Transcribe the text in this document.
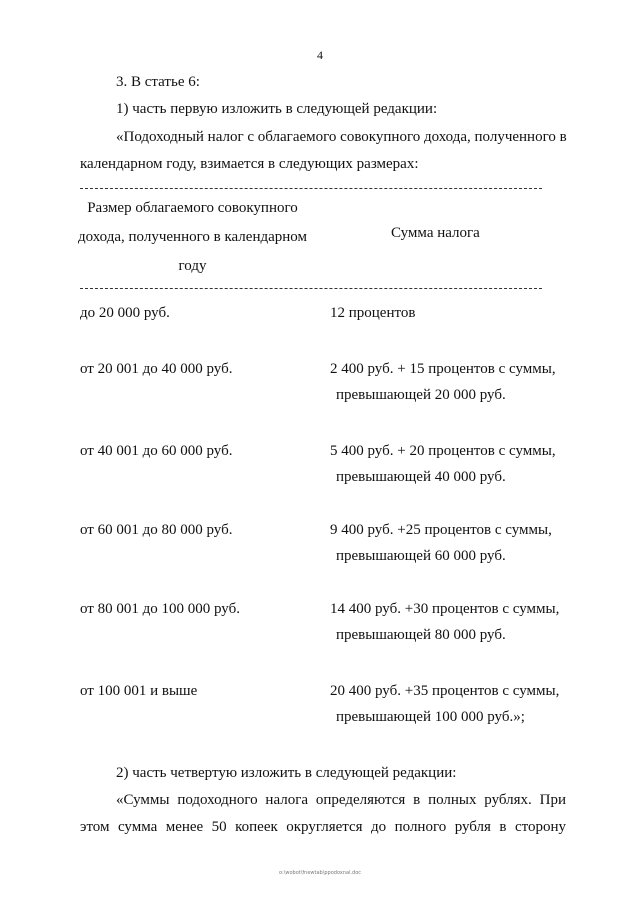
4
3. В статье 6:
1) часть первую изложить в следующей редакции:
«Подоходный налог с облагаемого совокупного дохода, полученного в
календарном году, взимается в следующих размерах:
Размер облагаемого совокупного
дохода, полученного в календарном
году
Сумма налога
до 20 000 руб.	12 процентов
от 20 001 до 40 000 руб.	2 400 руб. + 15 процентов с суммы,
превышающей 20 000 руб.
от 40 001 до 60 000 руб.	5 400 руб. + 20 процентов с суммы,
превышающей 40 000 руб.
от 60 001 до 80 000 руб.	9 400 руб. +25 процентов с суммы,
превышающей 60 000 руб.
от 80 001 до 100 000 руб.	14 400 руб. +30 процентов с суммы,
превышающей 80 000 руб.
от 100 001 и выше	20 400 руб. +35 процентов с суммы,
превышающей 100 000 руб.»;
2) часть четвертую изложить в следующей редакции:
«Суммы подоходного налога определяются в полных рублях. При
этом сумма менее 50 копеек округляется до полного рубля в сторону
o:\wobot\fnewtab\ppodoxnal.doc
